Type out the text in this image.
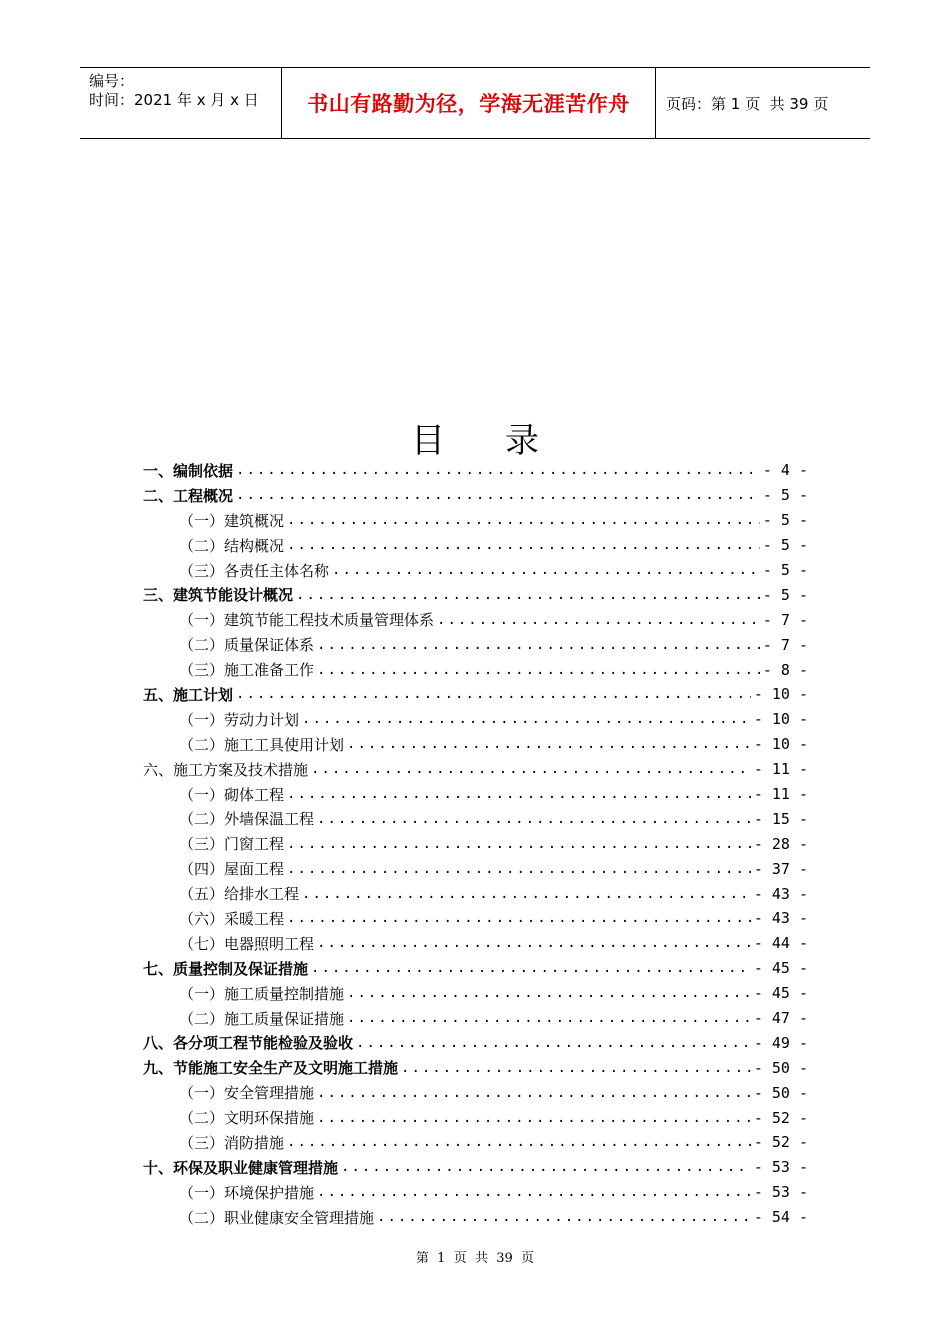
编号：
时间：2021 年 x 月 x 日	书山有路勤为径，学海无涯苦作舟 页码：第 1 页  共 39 页
目录
一、编制依据 .....	- 4 -
二、工程概况 .....	- 5 -
（一）建筑概况 .....	- 5 -
（二）结构概况 .....	- 5 -
（三）各责任主体名称 .....	- 5 -
三、建筑节能设计概况 .....	- 5 -
（一）建筑节能工程技术质量管理体系 .....	- 7 -
（二）质量保证体系 .....	- 7 -
（三）施工准备工作 .....	- 8 -
五、施工计划 .....	- 10 -
（一）劳动力计划 .....	- 10 -
（二）施工工具使用计划 .....	- 10 -
六、施工方案及技术措施 .....	- 11 -
（一）砌体工程 .....	- 11 -
（二）外墙保温工程 .....	- 15 -
（三）门窗工程 .....	- 28 -
（四）屋面工程 .....	- 37 -
（五）给排水工程 .....	- 43 -
（六）采暖工程 .....	- 43 -
（七）电器照明工程 .....	- 44 -
七、质量控制及保证措施 .....	- 45 -
（一）施工质量控制措施 .....	- 45 -
（二）施工质量保证措施 .....	- 47 -
八、各分项工程节能检验及验收 .....	- 49 -
九、节能施工安全生产及文明施工措施 .....	- 50 -
（一）安全管理措施 .....	- 50 -
（二）文明环保措施 .....	- 52 -
（三）消防措施 .....	- 52 -
十、环保及职业健康管理措施 .....	- 53 -
（一）环境保护措施 .....	- 53 -
（二）职业健康安全管理措施 .....	- 54 -
第  1  页  共  39  页
